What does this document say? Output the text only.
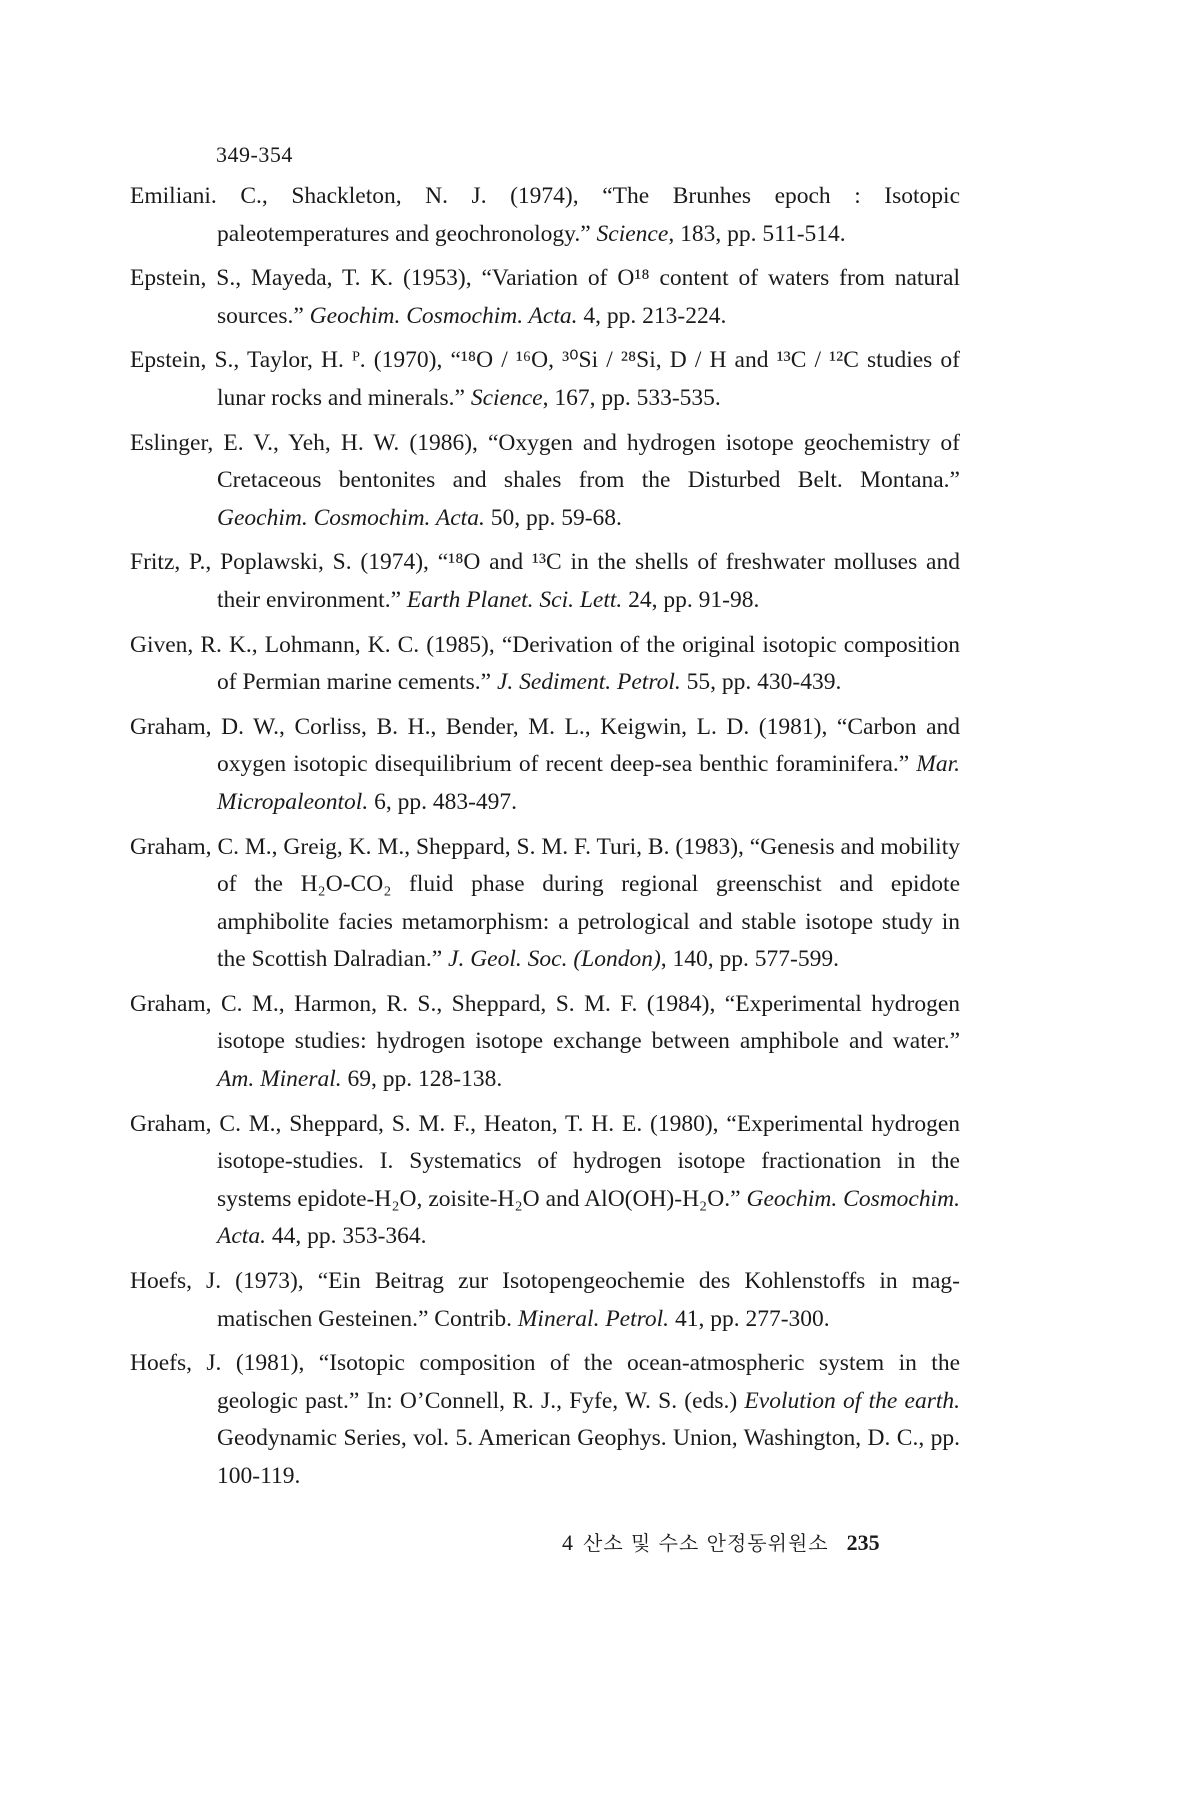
349-354

Emiliani. C., Shackleton, N. J. (1974), “The Brunhes epoch : Isotopic paleotemperatures and geochronology.” Science, 183, pp. 511-514.
Epstein, S., Mayeda, T. K. (1953), “Variation of O¹⁸ content of waters from natural sources.” Geochim. Cosmochim. Acta. 4, pp. 213-224.
Epstein, S., Taylor, H. ᴾ. (1970), “¹⁸O / ¹⁶O, ³⁰Si / ²⁸Si, D / H and ¹³C / ¹²C studies of lunar rocks and minerals.” Science, 167, pp. 533-535.
Eslinger, E. V., Yeh, H. W. (1986), “Oxygen and hydrogen isotope geochemistry of Cretaceous bentonites and shales from the Disturbed Belt. Montana.” Geochim. Cosmochim. Acta. 50, pp. 59-68.
Fritz, P., Poplawski, S. (1974), “¹⁸O and ¹³C in the shells of freshwater molluses and their environment.” Earth Planet. Sci. Lett. 24, pp. 91-98.
Given, R. K., Lohmann, K. C. (1985), “Derivation of the original isotopic composition of Permian marine cements.” J. Sediment. Petrol. 55, pp. 430-439.
Graham, D. W., Corliss, B. H., Bender, M. L., Keigwin, L. D. (1981), “Carbon and oxygen isotopic disequilibrium of recent deep-sea benthic foraminifera.” Mar. Micropaleontol. 6, pp. 483-497.
Graham, C. M., Greig, K. M., Sheppard, S. M. F. Turi, B. (1983), “Genesis and mobility of the H₂O-CO₂ fluid phase during regional greenschist and epidote amphibolite facies metamorphism: a petrological and stable isotope study in the Scottish Dalradian.” J. Geol. Soc. (London), 140, pp. 577-599.
Graham, C. M., Harmon, R. S., Sheppard, S. M. F. (1984), “Experimental hydrogen isotope studies: hydrogen isotope exchange between amphibole and water.” Am. Mineral. 69, pp. 128-138.
Graham, C. M., Sheppard, S. M. F., Heaton, T. H. E. (1980), “Experimental hydrogen isotope-studies. I. Systematics of hydrogen isotope fractionation in the systems epidote-H₂O, zoisite-H₂O and AlO(OH)-H₂O.” Geochim. Cosmochim. Acta. 44, pp. 353-364.
Hoefs, J. (1973), “Ein Beitrag zur Isotopengeochemie des Kohlenstoffs in magmatischen Gesteinen.” Contrib. Mineral. Petrol. 41, pp. 277-300.
Hoefs, J. (1981), “Isotopic composition of the ocean-atmospheric system in the geologic past.” In: O’Connell, R. J., Fyfe, W. S. (eds.) Evolution of the earth. Geodynamic Series, vol. 5. American Geophys. Union, Washington, D. C., pp. 100-119.
4 산소 및 수소 안정동위원소 235
